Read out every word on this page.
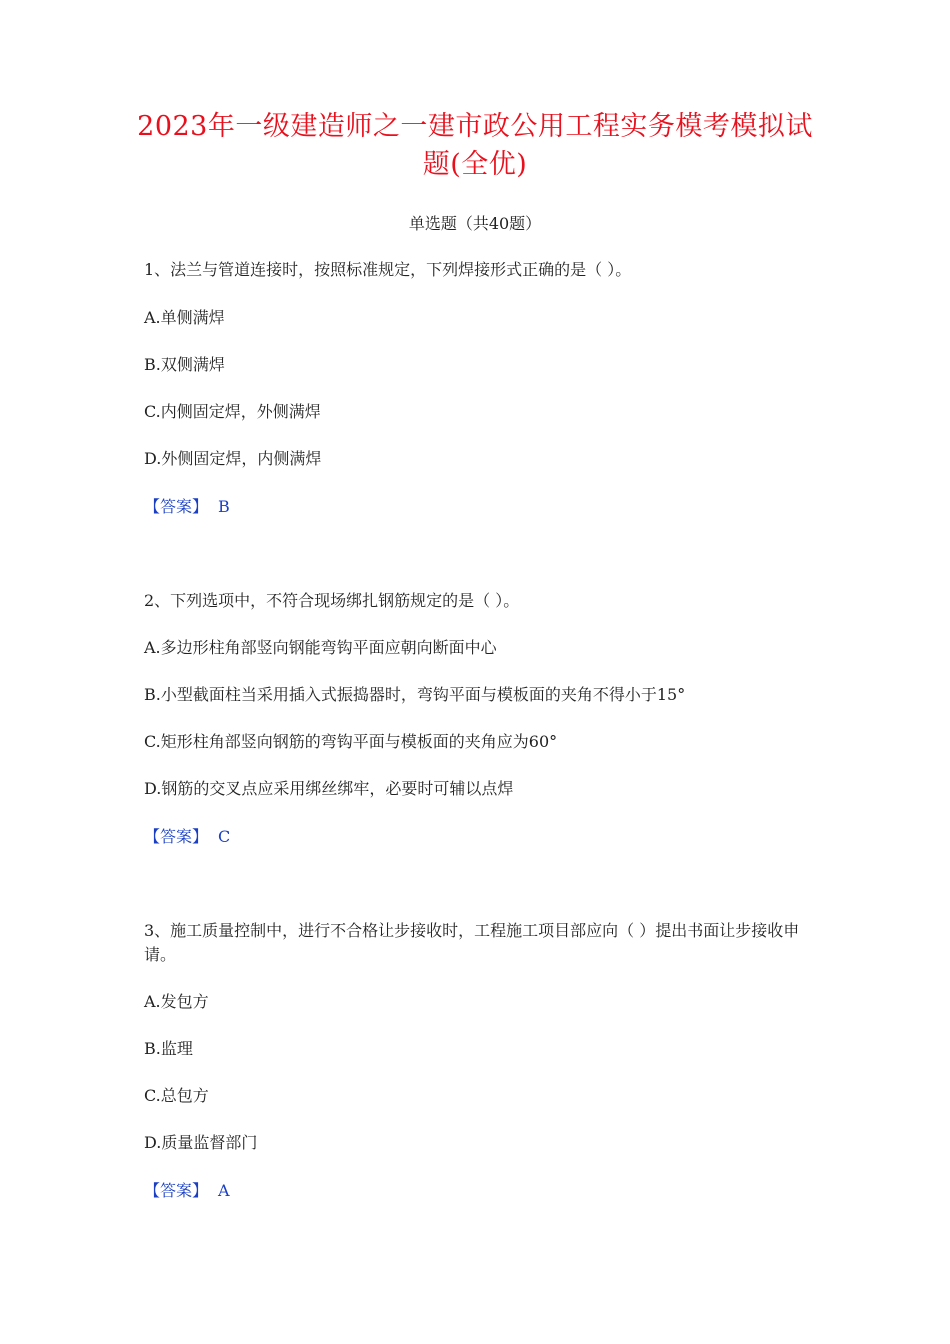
2023年一级建造师之一建市政公用工程实务模考模拟试题(全优)
单选题（共40题）
1、法兰与管道连接时，按照标准规定，下列焊接形式正确的是（ ）。
A.单侧满焊
B.双侧满焊
C.内侧固定焊，外侧满焊
D.外侧固定焊，内侧满焊
【答案】 B
2、下列选项中，不符合现场绑扎钢筋规定的是（ ）。
A.多边形柱角部竖向钢能弯钩平面应朝向断面中心
B.小型截面柱当采用插入式振捣器时，弯钩平面与模板面的夹角不得小于15°
C.矩形柱角部竖向钢筋的弯钩平面与模板面的夹角应为60°
D.钢筋的交叉点应采用绑丝绑牢，必要时可辅以点焊
【答案】 C
3、施工质量控制中，进行不合格让步接收时，工程施工项目部应向（ ）提出书面让步接收申请。
A.发包方
B.监理
C.总包方
D.质量监督部门
【答案】 A
